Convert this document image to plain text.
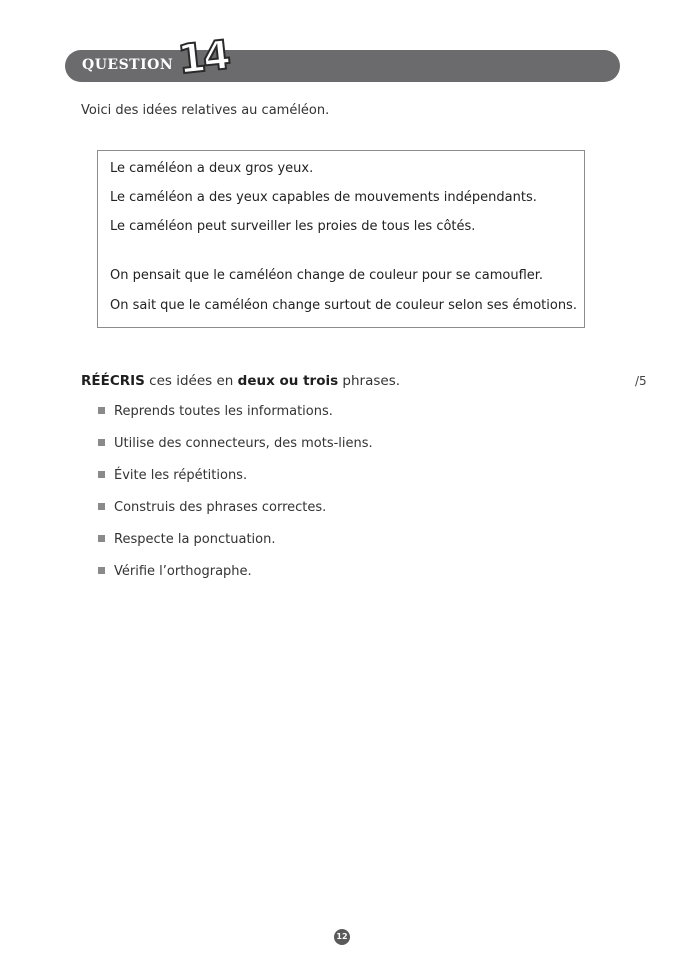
QUESTION 14
Voici des idées relatives au caméléon.
Le caméléon a deux gros yeux.
Le caméléon a des yeux capables de mouvements indépendants.
Le caméléon peut surveiller les proies de tous les côtés.
On pensait que le caméléon change de couleur pour se camoufler.
On sait que le caméléon change surtout de couleur selon ses émotions.
RÉÉCRIS ces idées en deux ou trois phrases.	/5
Reprends toutes les informations.
Utilise des connecteurs, des mots-liens.
Évite les répétitions.
Construis des phrases correctes.
Respecte la ponctuation.
Vérifie l’orthographe.
12
